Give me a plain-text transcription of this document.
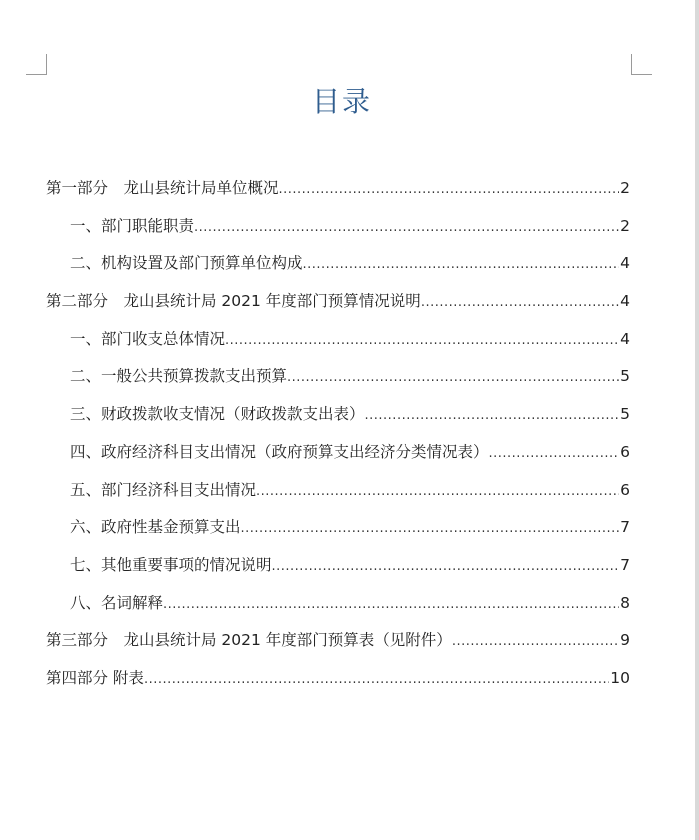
目录
第一部分　龙山县统计局单位概况 .....	2
一、部门职能职责 .....	2
二、机构设置及部门预算单位构成 .....	4
第二部分　龙山县统计局 2021 年度部门预算情况说明 .....	4
一、部门收支总体情况 .....	4
二、一般公共预算拨款支出预算 .....	5
三、财政拨款收支情况（财政拨款支出表） .....	5
四、政府经济科目支出情况（政府预算支出经济分类情况表） .....	6
五、部门经济科目支出情况 .....	6
六、政府性基金预算支出 .....	7
七、其他重要事项的情况说明 .....	7
八、名词解释 .....	8
第三部分　龙山县统计局 2021 年度部门预算表（见附件） .....	9
第四部分 附表 .....	10
